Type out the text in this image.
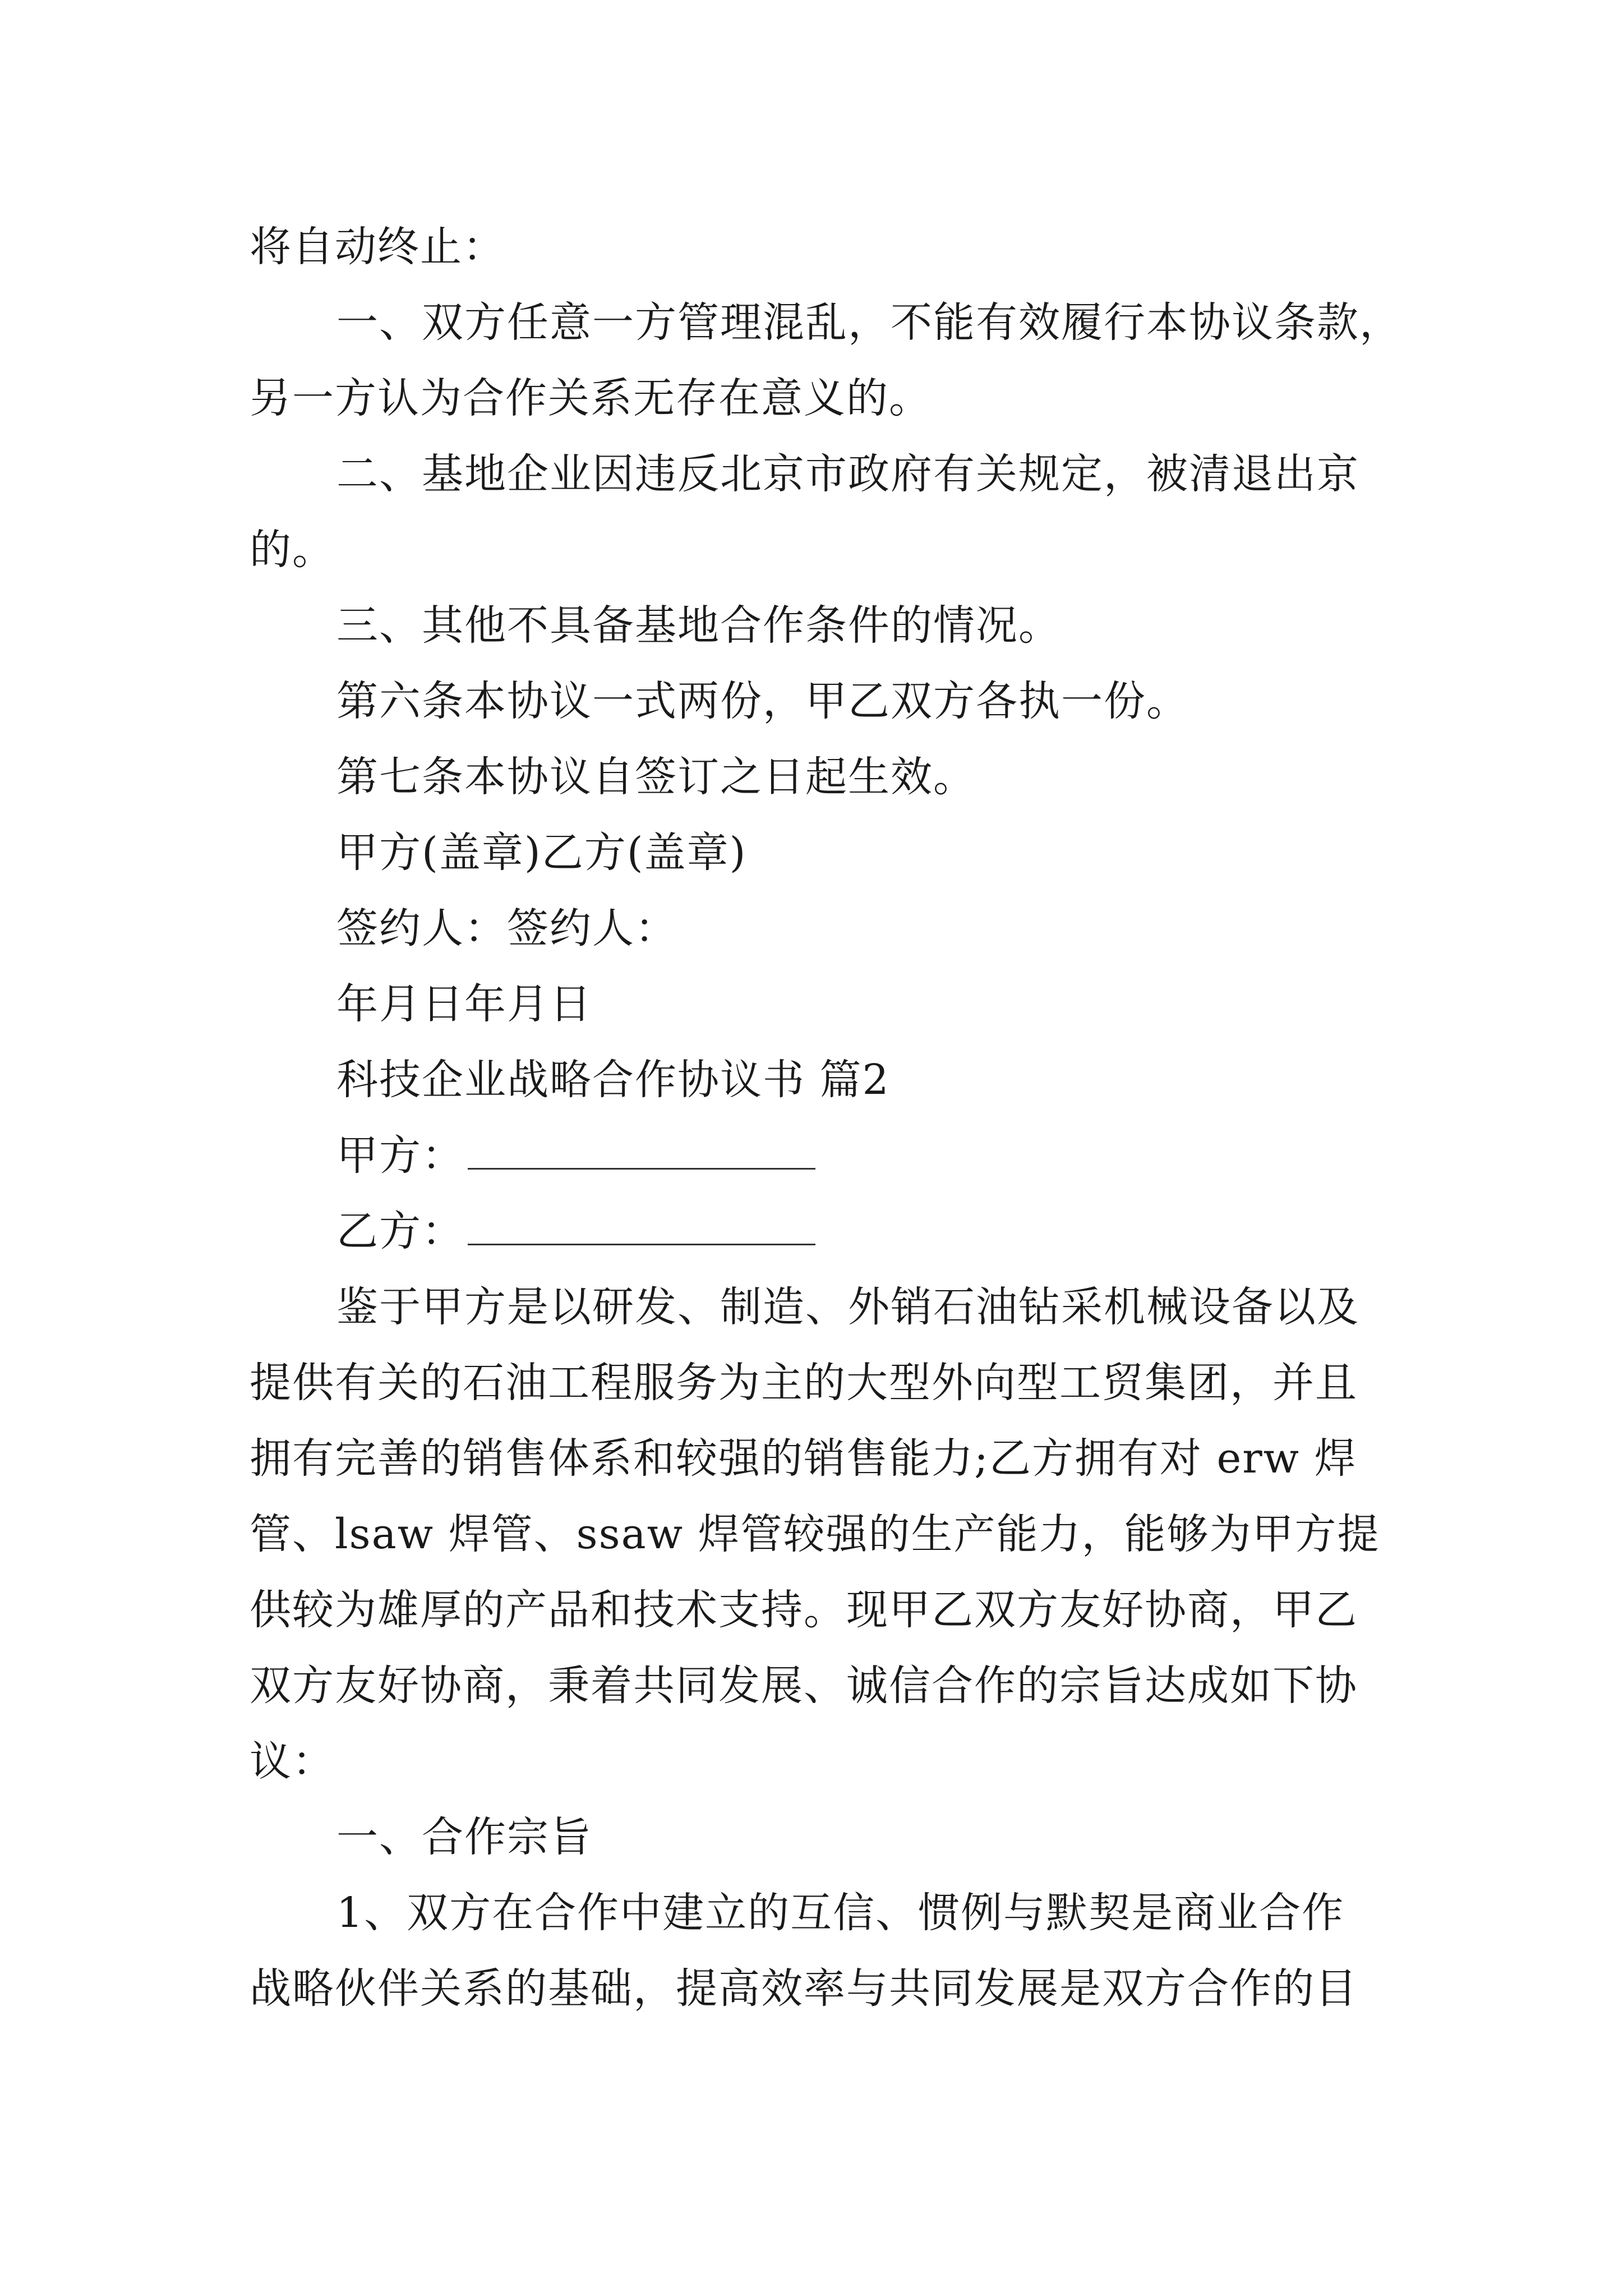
将自动终止：
一、双方任意一方管理混乱，不能有效履行本协议条款，
另一方认为合作关系无存在意义的。
二、基地企业因违反北京市政府有关规定，被清退出京
的。
三、其他不具备基地合作条件的情况。
第六条本协议一式两份，甲乙双方各执一份。
第七条本协议自签订之日起生效。
甲方(盖章)乙方(盖章)
签约人：签约人：
年月日年月日
科技企业战略合作协议书 篇2
甲方：
乙方：
鉴于甲方是以研发、制造、外销石油钻采机械设备以及
提供有关的石油工程服务为主的大型外向型工贸集团，并且
拥有完善的销售体系和较强的销售能力;乙方拥有对 erw 焊
管、lsaw 焊管、ssaw 焊管较强的生产能力，能够为甲方提
供较为雄厚的产品和技术支持。现甲乙双方友好协商，甲乙
双方友好协商，秉着共同发展、诚信合作的宗旨达成如下协
议：
一、合作宗旨
1、双方在合作中建立的互信、惯例与默契是商业合作
战略伙伴关系的基础，提高效率与共同发展是双方合作的目
